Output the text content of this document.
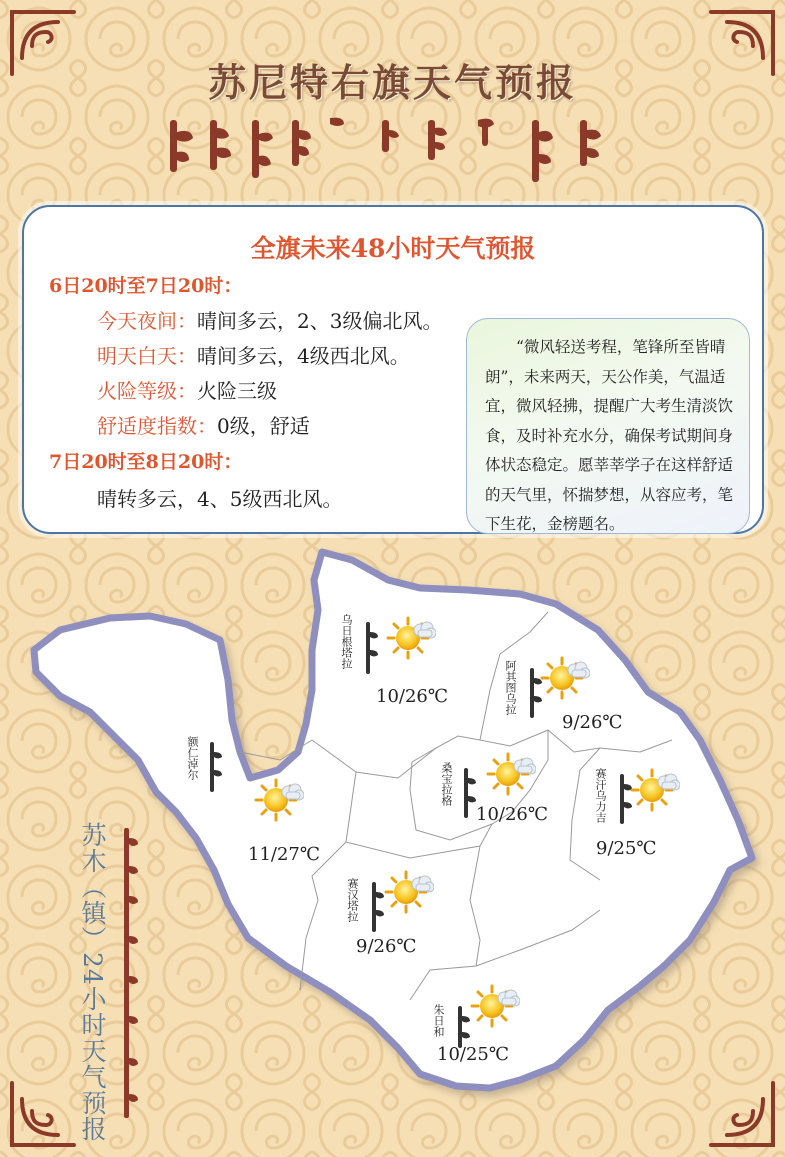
苏尼特右旗天气预报
全旗未来48小时天气预报
6日20时至7日20时：
今天夜间：晴间多云，2、3级偏北风。
明天白天：晴间多云，4级西北风。
火险等级：火险三级
舒适度指数：0级，舒适
7日20时至8日20时：
晴转多云，4、5级西北风。
“微风轻送考程，笔锋所至皆晴朗”，未来两天，天公作美，气温适宜，微风轻拂，提醒广大考生清淡饮食，及时补充水分，确保考试期间身体状态稳定。愿莘莘学子在这样舒适的天气里，怀揣梦想，从容应考，笔下生花，金榜题名。
乌日根塔拉
阿其图乌拉
额仁淖尔
桑宝拉格	赛汗乌力吉
赛汉塔拉
朱日和
10/26℃
9/26℃
10/26℃
9/25℃
11/27℃
9/26℃
10/25℃
苏木（镇）24小时天气预报
